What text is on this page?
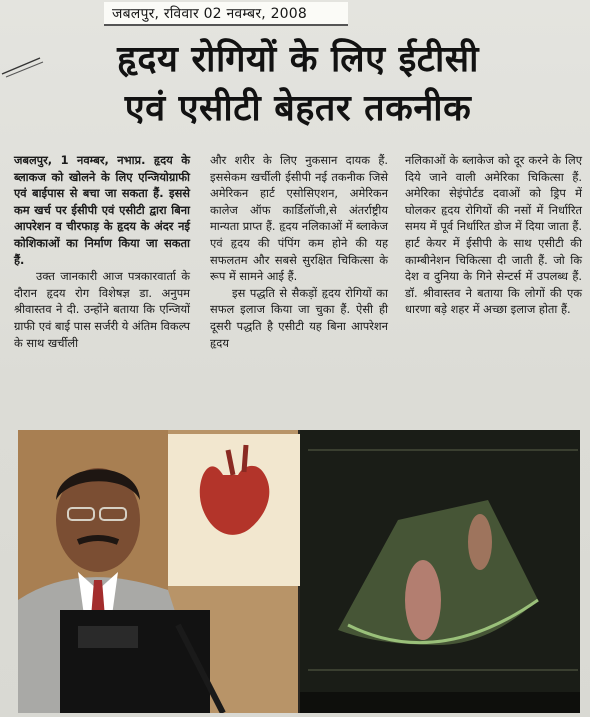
जबलपुर, रविवार 02 नवम्बर, 2008
हृदय रोगियों के लिए ईटीसी
एवं एसीटी बेहतर तकनीक

जबलपुर, 1 नवम्बर, नभाप्र. हृदय के ब्लाकज को खोलने के लिए एन्जियोग्राफी एवं बाईपास से बचा जा सकता हैं. इससे कम खर्च पर ईसीपी एवं एसीटी द्वारा बिना आपरेशन व चीरफाड़ के हृदय के अंदर नई कोशिकाओं का निर्माण किया जा सकता हैं.

उक्त जानकारी आज पत्रकारवार्ता के दौरान हृदय रोग विशेषज्ञ डा. अनुपम श्रीवास्तव ने दी. उन्होंने बताया कि एन्जियों ग्राफी एवं बाई पास सर्जरी ये अंतिम विकल्प के साथ खर्चीली

और शरीर के लिए नुकसान दायक हैं. इससेकम खर्चीली ईसीपी नई तकनीक जिसे अमेरिकन हार्ट एसोसिएशन, अमेरिकन कालेज ऑफ कार्डिलॉजी,से अंतर्राष्ट्रीय मान्यता प्राप्त हैं. हृदय नलिकाओं में ब्लाकेज एवं हृदय की पंपिंग कम होने की यह सफलतम और सबसे सुरक्षित चिकित्सा के रूप में सामने आई हैं.

इस पद्धति से सैकड़ों हृदय रोगियों का सफल इलाज किया जा चुका हैं. ऐसी ही दूसरी पद्धति है एसीटी यह बिना आपरेशन हृदय

नलिकाओं के ब्लाकेज को दूर करने के लिए दिये जाने वाली अमेरिका चिकित्सा हैं. अमेरिका सेइंपोर्टड दवाओं को ड्रिप में घोलकर हृदय रोगियों की नसों में निर्धारित समय में पूर्व निर्धारित डोज में दिया जाता हैं. हार्ट केयर में ईसीपी के साथ एसीटी की काम्बीनेशन चिकित्सा दी जाती हैं. जो कि देश व दुनिया के गिने सेन्टर्स में उपलब्ध हैं. डॉ. श्रीवास्तव ने बताया कि लोगों की एक धारणा बड़े शहर में अच्छा इलाज होता हैं.
